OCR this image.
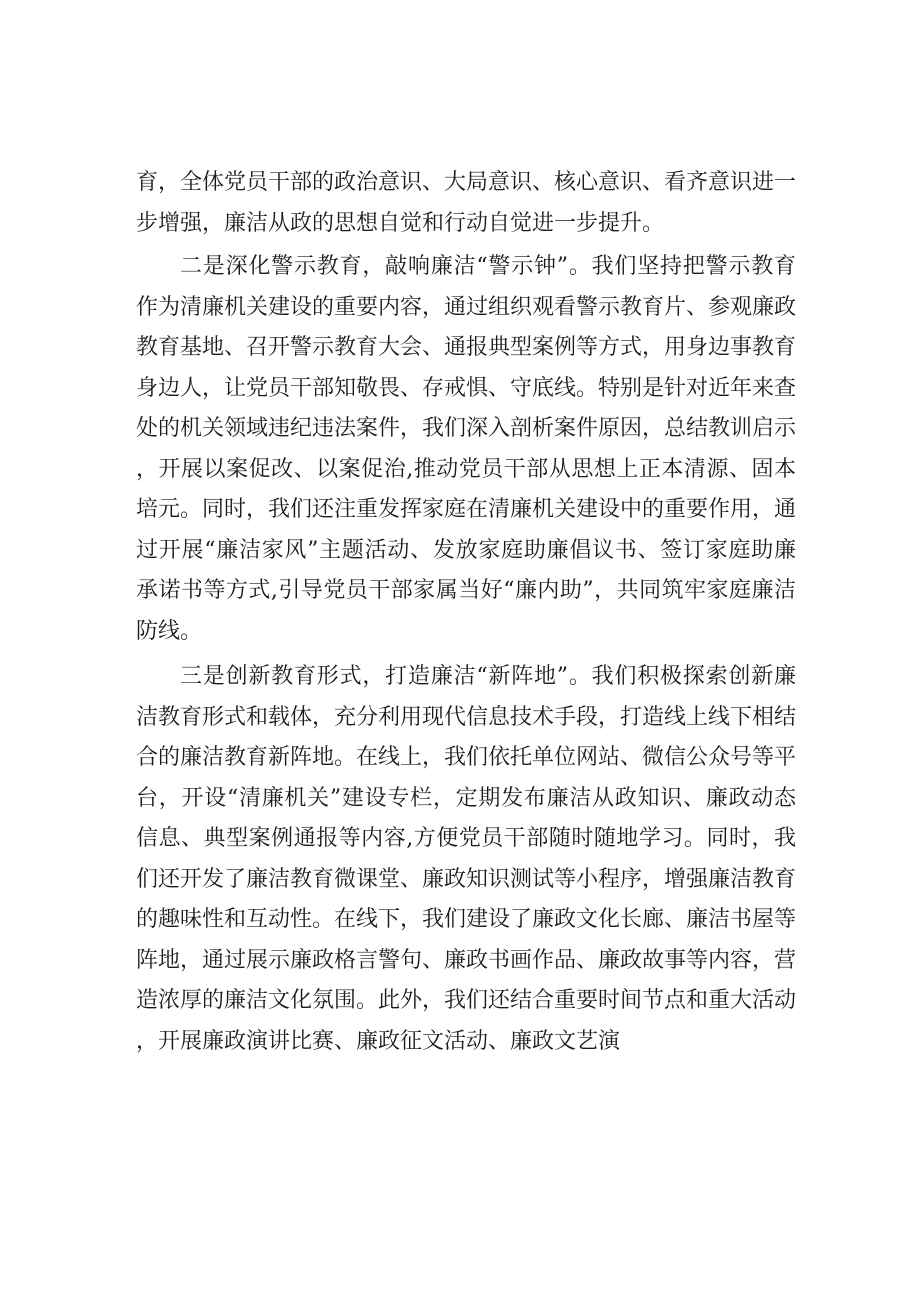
育，全体党员干部的政治意识、大局意识、核心意识、看齐意识进一步增强，廉洁从政的思想自觉和行动自觉进一步提升。

二是深化警示教育，敲响廉洁“警示钟”。我们坚持把警示教育作为清廉机关建设的重要内容，通过组织观看警示教育片、参观廉政教育基地、召开警示教育大会、通报典型案例等方式，用身边事教育身边人，让党员干部知敬畏、存戒惧、守底线。特别是针对近年来查处的机关领域违纪违法案件，我们深入剖析案件原因，总结教训启示，开展以案促改、以案促治,推动党员干部从思想上正本清源、固本培元。同时，我们还注重发挥家庭在清廉机关建设中的重要作用，通过开展“廉洁家风”主题活动、发放家庭助廉倡议书、签订家庭助廉承诺书等方式,引导党员干部家属当好“廉内助”，共同筑牢家庭廉洁防线。

三是创新教育形式，打造廉洁“新阵地”。我们积极探索创新廉洁教育形式和载体，充分利用现代信息技术手段，打造线上线下相结合的廉洁教育新阵地。在线上，我们依托单位网站、微信公众号等平台，开设“清廉机关”建设专栏，定期发布廉洁从政知识、廉政动态信息、典型案例通报等内容,方便党员干部随时随地学习。同时，我们还开发了廉洁教育微课堂、廉政知识测试等小程序，增强廉洁教育的趣味性和互动性。在线下，我们建设了廉政文化长廊、廉洁书屋等阵地，通过展示廉政格言警句、廉政书画作品、廉政故事等内容，营造浓厚的廉洁文化氛围。此外，我们还结合重要时间节点和重大活动，开展廉政演讲比赛、廉政征文活动、廉政文艺演
